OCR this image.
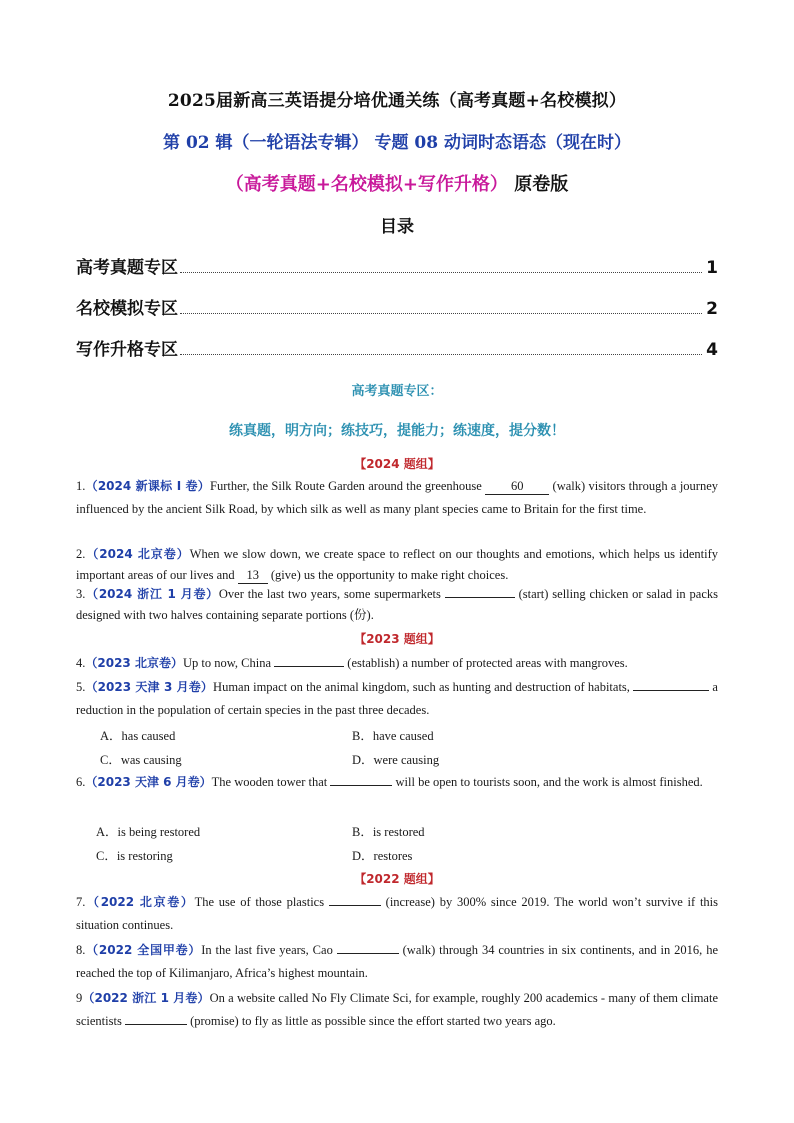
2025届新高三英语提分培优通关练（高考真题+名校模拟）
第 02 辑（一轮语法专辑） 专题 08 动词时态语态（现在时）
（高考真题+名校模拟+写作升格） 原卷版
目录
高考真题专区	1
名校模拟专区	2
写作升格专区	4
高考真题专区：
练真题，明方向；练技巧，提能力；练速度，提分数！
【2024 题组】
1.（2024 新课标 I 卷）Further, the Silk Route Garden around the greenhouse 60 (walk) visitors through a journey influenced by the ancient Silk Road, by which silk as well as many plant species came to Britain for the first time.
2.（2024 北京卷）When we slow down, we create space to reflect on our thoughts and emotions, which helps us identify important areas of our lives and 13 (give) us the opportunity to make right choices.
3.（2024 浙江 1 月卷）Over the last two years, some supermarkets	(start) selling chicken or salad in packs designed with two halves containing separate portions (份).
【2023 题组】
4.（2023 北京卷）Up to now, China	(establish) a number of protected areas with mangroves.
5.（2023 天津 3 月卷）Human impact on the animal kingdom, such as hunting and destruction of habitats,	a reduction in the population of certain species in the past three decades.
A．has caused	B．have caused
C．was causing	D．were causing
6.（2023 天津 6 月卷）The wooden tower that	will be open to tourists soon, and the work is almost finished.
A．is being restored	B．is restored
C．is restoring	D．restores
【2022 题组】
7.（2022 北京卷）The use of those plastics	(increase) by 300% since 2019. The world won’t survive if this situation continues.
8.（2022 全国甲卷）In the last five years, Cao	(walk) through 34 countries in six continents, and in 2016, he reached the top of Kilimanjaro, Africa’s highest mountain.
9（2022 浙江 1 月卷）On a website called No Fly Climate Sci, for example, roughly 200 academics - many of them climate scientists	(promise) to fly as little as possible since the effort started two years ago.
